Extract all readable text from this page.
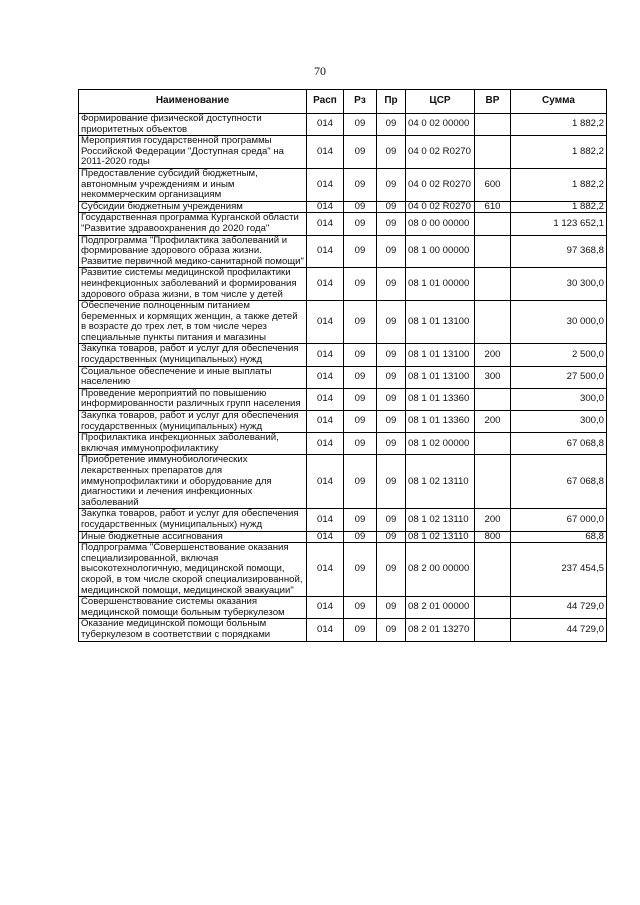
70
Наименование	Расп	Рз	Пр	ЦСР	ВР	Сумма
Формирование физической доступности приоритетных объектов	014	09	09	04 0 02 00000		1 882,2
Мероприятия государственной программы Российской Федерации "Доступная среда" на 2011-2020 годы	014	09	09	04 0 02 R0270		1 882,2
Предоставление субсидий бюджетным, автономным учреждениям и иным некоммерческим организациям	014	09	09	04 0 02 R0270	600	1 882,2
Субсидии бюджетным учреждениям	014	09	09	04 0 02 R0270	610	1 882,2
Государственная программа Курганской области "Развитие здравоохранения до 2020 года"	014	09	09	08 0 00 00000		1 123 652,1
Подпрограмма "Профилактика заболеваний и формирование здорового образа жизни. Развитие первичной медико-санитарной помощи"	014	09	09	08 1 00 00000		97 368,8
Развитие системы медицинской профилактики неинфекционных заболеваний и формирования здорового образа жизни, в том числе у детей	014	09	09	08 1 01 00000		30 300,0
Обеспечение полноценным питанием беременных и кормящих женщин, а также детей в возрасте до трех лет, в том числе через специальные пункты питания и магазины	014	09	09	08 1 01 13100		30 000,0
Закупка товаров, работ и услуг для обеспечения государственных (муниципальных) нужд	014	09	09	08 1 01 13100	200	2 500,0
Социальное обеспечение и иные выплаты населению	014	09	09	08 1 01 13100	300	27 500,0
Проведение мероприятий по повышению информированности различных групп населения	014	09	09	08 1 01 13360		300,0
Закупка товаров, работ и услуг для обеспечения государственных (муниципальных) нужд	014	09	09	08 1 01 13360	200	300,0
Профилактика инфекционных заболеваний, включая иммунопрофилактику	014	09	09	08 1 02 00000		67 068,8
Приобретение иммунобиологических лекарственных препаратов для иммунопрофилактики и оборудование для диагностики и лечения инфекционных заболеваний	014	09	09	08 1 02 13110		67 068,8
Закупка товаров, работ и услуг для обеспечения государственных (муниципальных) нужд	014	09	09	08 1 02 13110	200	67 000,0
Иные бюджетные ассигнования	014	09	09	08 1 02 13110	800	68,8
Подпрограмма "Совершенствование оказания специализированной, включая высокотехнологичную, медицинской помощи, скорой, в том числе скорой специализированной, медицинской помощи, медицинской эвакуации"	014	09	09	08 2 00 00000		237 454,5
Совершенствование системы оказания медицинской помощи больным туберкулезом	014	09	09	08 2 01 00000		44 729,0
Оказание медицинской помощи больным туберкулезом в соответствии с порядками	014	09	09	08 2 01 13270		44 729,0
